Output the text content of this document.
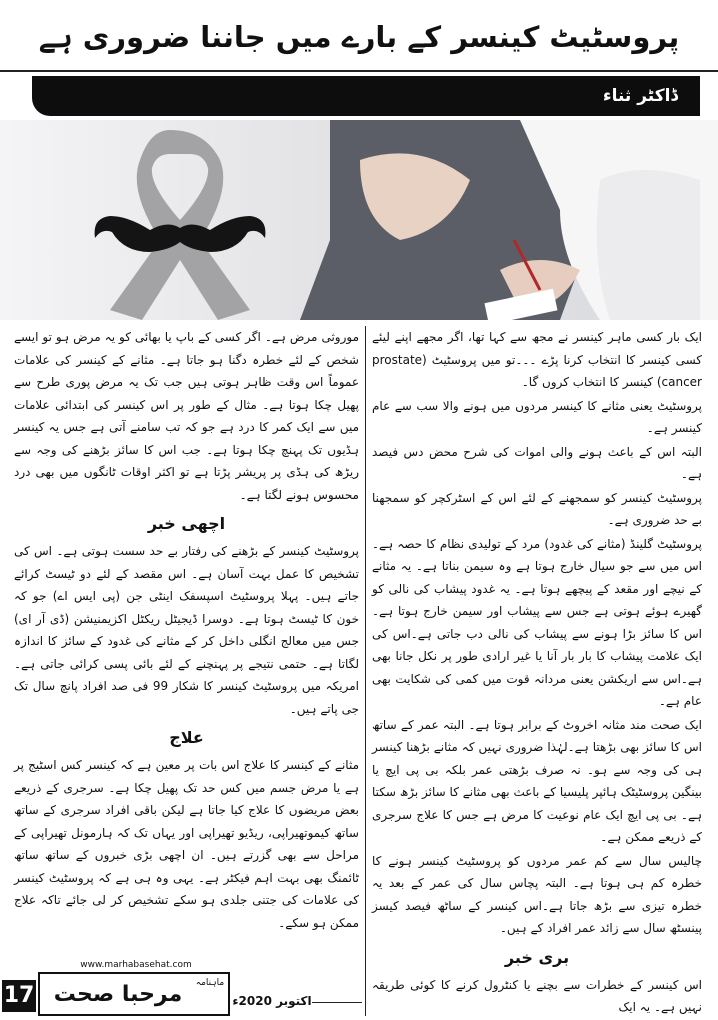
پروسٹیٹ کینسر کے بارے میں جاننا ضروری ہے
ڈاکٹر ثناء

ایک بار کسی ماہر کینسر نے مجھ سے کہا تھا، اگر مجھے اپنے لیئے کسی کینسر کا انتخاب کرنا پڑے ۔۔۔تو میں پروسٹیٹ (prostate cancer) کینسر کا انتخاب کروں گا۔

پروسٹیٹ یعنی مثانے کا کینسر مردوں میں ہونے والا سب سے عام کینسر ہے۔

البتہ اس کے باعث ہونے والی اموات کی شرح محض دس فیصد ہے۔

پروسٹیٹ کینسر کو سمجھنے کے لئے اس کے اسٹرکچر کو سمجھنا بے حد ضروری ہے۔

پروسٹیٹ گلینڈ (مثانے کی غدود) مرد کے تولیدی نظام کا حصہ ہے۔اس میں سے جو سیال خارج ہوتا ہے وہ سیمن بناتا ہے۔ یہ مثانے کے نیچے اور مقعد کے پیچھے ہوتا ہے۔ یہ غدود پیشاب کی نالی کو گھیرے ہوئے ہوتی ہے جس سے پیشاب اور سیمن خارج ہوتا ہے۔اس کا سائز بڑا ہونے سے پیشاب کی نالی دب جاتی ہے۔اس کی ایک علامت پیشاب کا بار بار آنا یا غیر ارادی طور پر نکل جانا بھی ہے۔اس سے اریکشن یعنی مردانہ قوت میں کمی کی شکایت بھی عام ہے۔

ایک صحت مند مثانہ اخروٹ کے برابر ہوتا ہے۔ البتہ عمر کے ساتھ اس کا سائز بھی بڑھتا ہے۔لہٰذا ضروری نہیں کہ مثانے بڑھنا کینسر ہی کی وجہ سے ہو۔ نہ صرف بڑھتی عمر بلکہ بی پی ایچ یا بینگین پروسٹیٹک ہائپر پلیسیا کے باعث بھی مثانے کا سائز بڑھ سکتا ہے۔ بی پی ایچ ایک عام نوعیت کا مرض ہے جس کا علاج سرجری کے ذریعے ممکن ہے۔

چالیس سال سے کم عمر مردوں کو پروسٹیٹ کینسر ہونے کا خطرہ کم ہی ہوتا ہے۔ البتہ پچاس سال کی عمر کے بعد یہ خطرہ تیزی سے بڑھ جاتا ہے۔اس کینسر کے ساٹھ فیصد کیسز پینسٹھ سال سے زائد عمر افراد کے ہیں۔

بری خبر

اس کینسر کے خطرات سے بچنے یا کنٹرول کرنے کا کوئی طریقہ نہیں ہے۔ یہ ایک

موروثی مرض ہے۔ اگر کسی کے باپ یا بھائی کو یہ مرض ہو تو ایسے شخص کے لئے خطرہ دگنا ہو جاتا ہے۔ مثانے کے کینسر کی علامات عموماً اس وقت ظاہر ہوتی ہیں جب تک یہ مرض پوری طرح سے پھیل چکا ہوتا ہے۔ مثال کے طور پر اس کینسر کی ابتدائی علامات میں سے ایک کمر کا درد ہے جو کہ تب سامنے آتی ہے جس یہ کینسر ہڈیوں تک پہنچ چکا ہوتا ہے۔ جب اس کا سائز بڑھنے کی وجہ سے ریڑھ کی ہڈی پر پریشر پڑتا ہے تو اکثر اوقات ٹانگوں میں بھی درد محسوس ہونے لگتا ہے۔

اچھی خبر

پروسٹیٹ کینسر کے بڑھنے کی رفتار بے حد سست ہوتی ہے۔ اس کی تشخیص کا عمل بہت آسان ہے۔ اس مقصد کے لئے دو ٹیسٹ کرائے جاتے ہیں۔ پہلا پروسٹیٹ اسپسفک اینٹی جن (پی ایس اے) جو کہ خون کا ٹیسٹ ہوتا ہے۔ دوسرا ڈیجیٹل ریکٹل اکزیمنیشن (ڈی آر ای) جس میں معالج انگلی داخل کر کے مثانے کی غدود کے سائز کا اندازہ لگاتا ہے۔ حتمی نتیجے پر پہنچنے کے لئے بائی پسی کرائی جاتی ہے۔ امریکہ میں پروسٹیٹ کینسر کا شکار 99 فی صد افراد پانچ سال تک جی پاتے ہیں۔

علاج

مثانے کے کینسر کا علاج اس بات پر معین ہے کہ کینسر کس اسٹیج پر ہے یا مرض جسم میں کس حد تک پھیل چکا ہے۔ سرجری کے ذریعے بعض مریضوں کا علاج کیا جاتا ہے لیکن باقی افراد سرجری کے ساتھ ساتھ کیموتھیراپی، ریڈیو تھیراپی اور یہاں تک کہ ہارمونل تھیراپی کے مراحل سے بھی گزرتے ہیں۔ ان اچھی بڑی خبروں کے ساتھ ساتھ ٹائمنگ بھی بہت اہم فیکٹر ہے۔ یہی وہ ہی ہے کہ پروسٹیٹ کینسر کی علامات کی جتنی جلدی ہو سکے تشخیص کر لی جائے تاکہ علاج ممکن ہو سکے۔

17
www.marhabasehat.com
مرحبا صحت	ماہنامہ
اکتوبر 2020ء
